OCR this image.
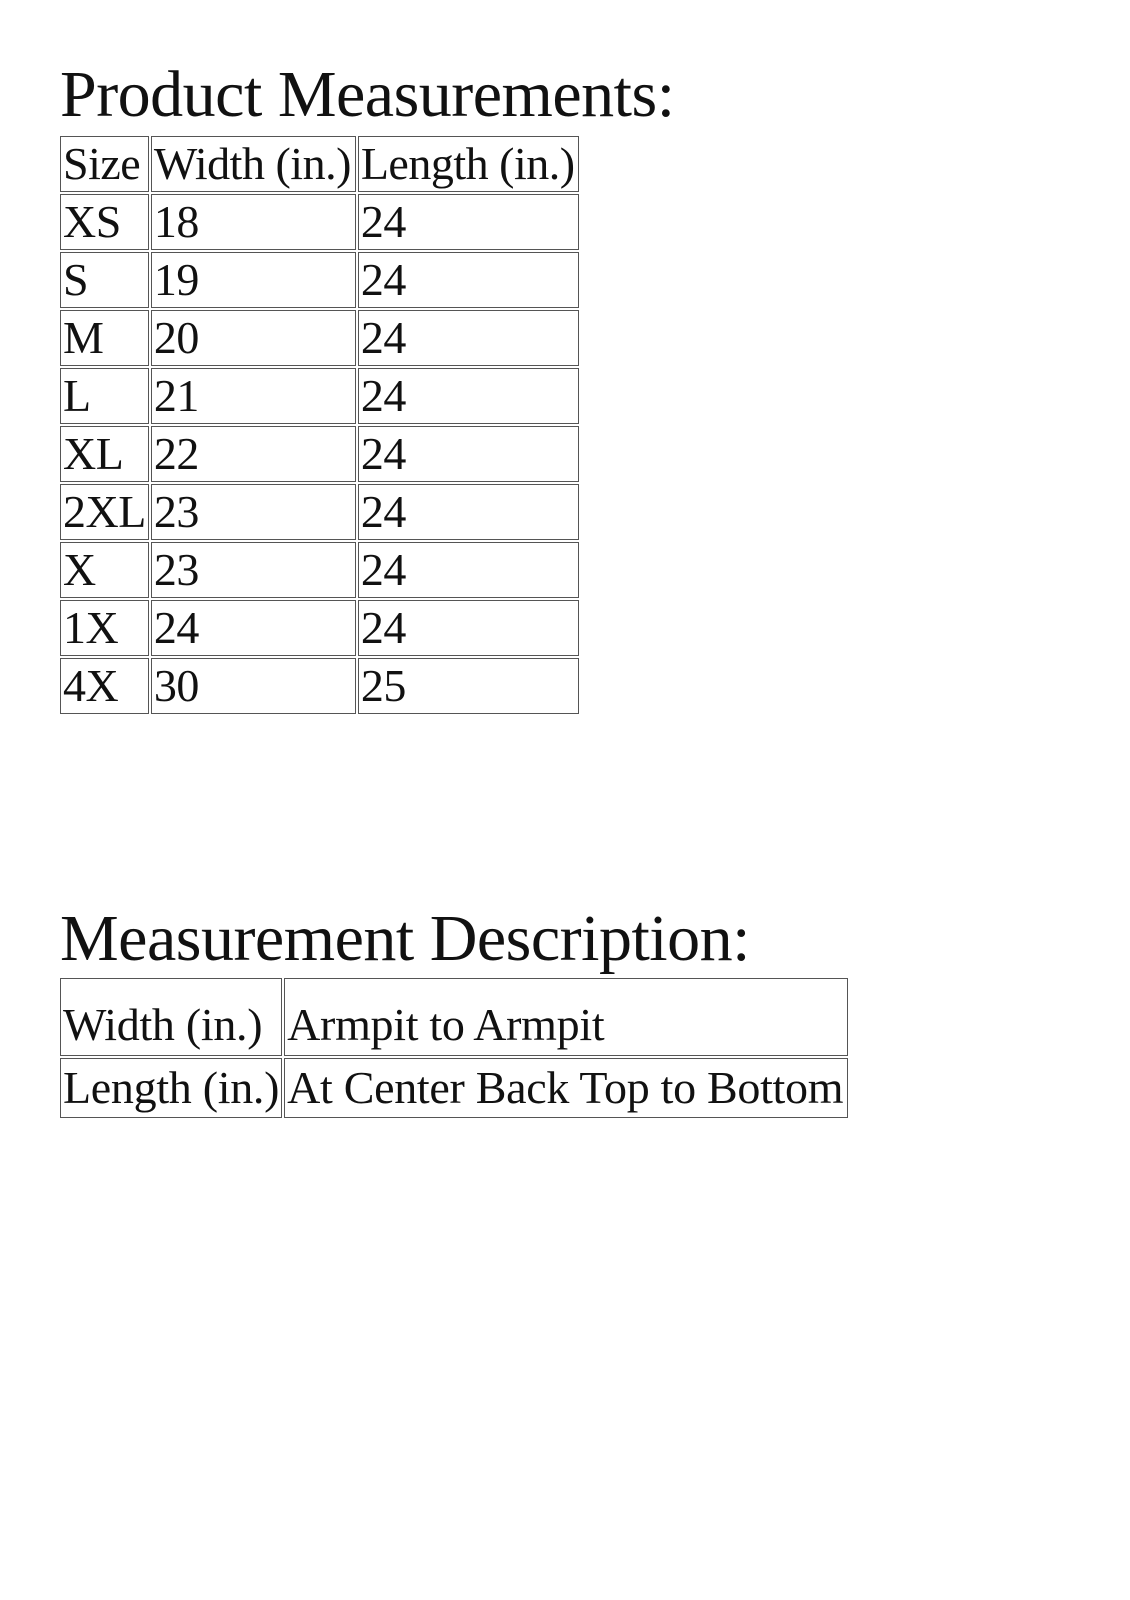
Product Measurements:
Size	Width (in.)	Length (in.)
XS	18	24
S	19	24
M	20	24
L	21	24
XL	22	24
2XL	23	24
X	23	24
1X	24	24
4X	30	25
Measurement Description:
Width (in.)	Armpit to Armpit
Length (in.)	At Center Back Top to Bottom
